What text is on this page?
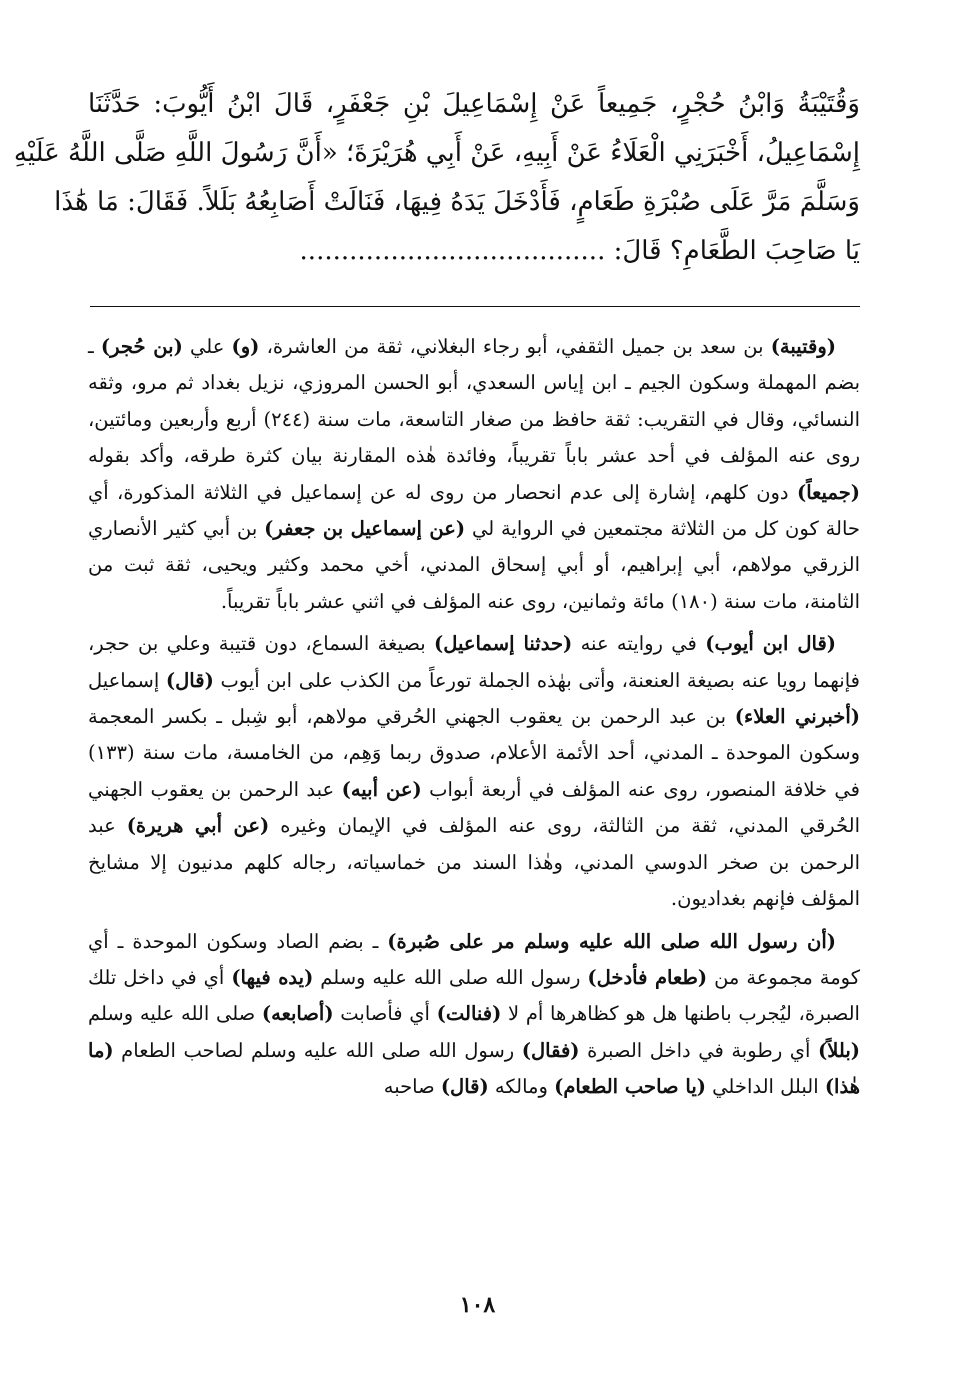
وَقُتَيْبَةُ وَابْنُ حُجْرٍ، جَمِيعاً عَنْ إِسْمَاعِيلَ بْنِ جَعْفَرٍ، قَالَ ابْنُ أَيُّوبَ: حَدَّثَنَا
إِسْمَاعِيلُ، أَخْبَرَنِي الْعَلَاءُ عَنْ أَبِيهِ، عَنْ أَبِي هُرَيْرَةَ؛ «أَنَّ رَسُولَ اللَّهِ صَلَّى اللَّهُ عَلَيْهِ
وَسَلَّمَ مَرَّ عَلَى صُبْرَةِ طَعَامٍ، فَأَدْخَلَ يَدَهُ فِيهَا، فَنَالَتْ أَصَابِعُهُ بَلَلاً. فَقَالَ: مَا هَٰذَا
يَا صَاحِبَ الطَّعَامِ؟ قَالَ: .....................................

(وقتيبة) بن سعد بن جميل الثقفي، أبو رجاء البغلاني، ثقة من العاشرة، (و) علي (بن حُجر) ـ بضم المهملة وسكون الجيم ـ ابن إياس السعدي، أبو الحسن المروزي، نزيل بغداد ثم مرو، وثقه النسائي، وقال في التقريب: ثقة حافظ من صغار التاسعة، مات سنة (٢٤٤) أربع وأربعين ومائتين، روى عنه المؤلف في أحد عشر باباً تقريباً، وفائدة هٰذه المقارنة بيان كثرة طرقه، وأكد بقوله (جميعاً) دون كلهم، إشارة إلى عدم انحصار من روى له عن إسماعيل في الثلاثة المذكورة، أي حالة كون كل من الثلاثة مجتمعين في الرواية لي (عن إسماعيل بن جعفر) بن أبي كثير الأنصاري الزرقي مولاهم، أبي إبراهيم، أو أبي إسحاق المدني، أخي محمد وكثير ويحيى، ثقة ثبت من الثامنة، مات سنة (١٨٠) مائة وثمانين، روى عنه المؤلف في اثني عشر باباً تقريباً.

(قال ابن أيوب) في روايته عنه (حدثنا إسماعيل) بصيغة السماع، دون قتيبة وعلي بن حجر، فإنهما رويا عنه بصيغة العنعنة، وأتى بهٰذه الجملة تورعاً من الكذب على ابن أيوب (قال) إسماعيل (أخبرني العلاء) بن عبد الرحمن بن يعقوب الجهني الحُرقي مولاهم، أبو شِبل ـ بكسر المعجمة وسكون الموحدة ـ المدني، أحد الأئمة الأعلام، صدوق ربما وَهِم، من الخامسة، مات سنة (١٣٣) في خلافة المنصور، روى عنه المؤلف في أربعة أبواب (عن أبيه) عبد الرحمن بن يعقوب الجهني الحُرقي المدني، ثقة من الثالثة، روى عنه المؤلف في الإيمان وغيره (عن أبي هريرة) عبد الرحمن بن صخر الدوسي المدني، وهٰذا السند من خماسياته، رجاله كلهم مدنيون إلا مشايخ المؤلف فإنهم بغداديون.

(أن رسول الله صلى الله عليه وسلم مر على صُبرة) ـ بضم الصاد وسكون الموحدة ـ أي كومة مجموعة من (طعام فأدخل) رسول الله صلى الله عليه وسلم (يده فيها) أي في داخل تلك الصبرة، ليُجرب باطنها هل هو كظاهرها أم لا (فنالت) أي فأصابت (أصابعه) صلى الله عليه وسلم (بللاً) أي رطوبة في داخل الصبرة (فقال) رسول الله صلى الله عليه وسلم لصاحب الطعام (ما هٰذا) البلل الداخلي (يا صاحب الطعام) ومالكه (قال) صاحبه

١٠٨
